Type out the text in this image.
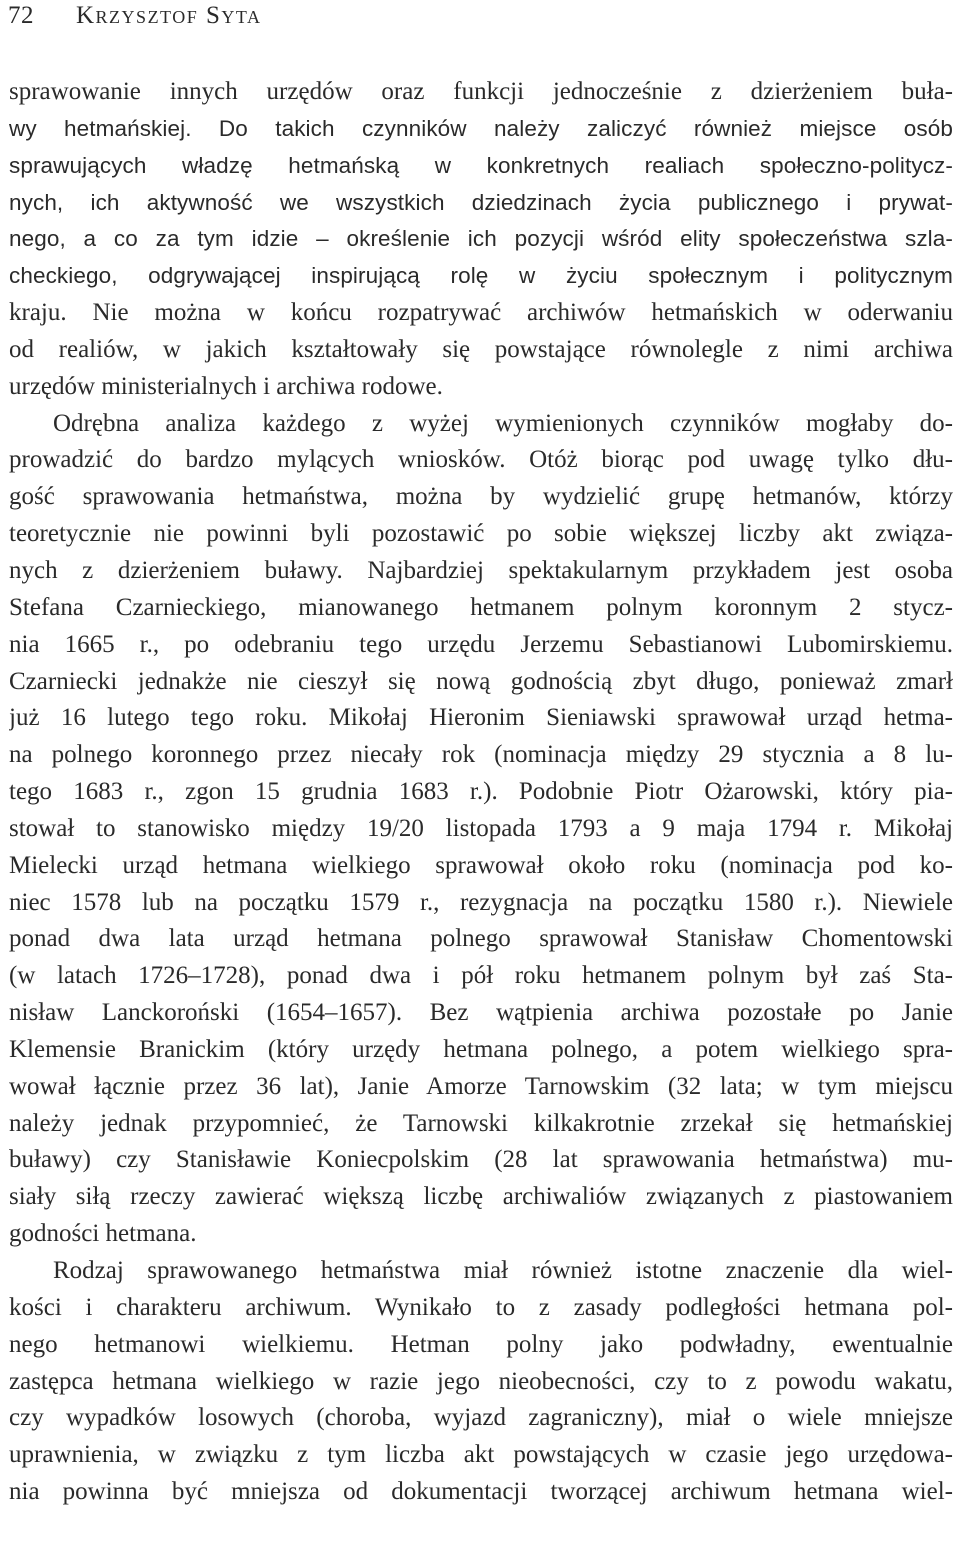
72 Krzysztof Syta
sprawowanie innych urzędów oraz funkcji jednocześnie z dzierżeniem buła-
wy hetmańskiej. Do takich czynników należy zaliczyć również miejsce osób
sprawujących władzę hetmańską w konkretnych realiach społeczno-politycz-
nych, ich aktywność we wszystkich dziedzinach życia publicznego i prywat-
nego, a co za tym idzie – określenie ich pozycji wśród elity społeczeństwa szla-
checkiego, odgrywającej inspirującą rolę w życiu społecznym i politycznym
kraju. Nie można w końcu rozpatrywać archiwów hetmańskich w oderwaniu
od realiów, w jakich kształtowały się powstające równolegle z nimi archiwa
urzędów ministerialnych i archiwa rodowe.
Odrębna analiza każdego z wyżej wymienionych czynników mogłaby do-
prowadzić do bardzo mylących wniosków. Otóż biorąc pod uwagę tylko dłu-
gość sprawowania hetmaństwa, można by wydzielić grupę hetmanów, którzy
teoretycznie nie powinni byli pozostawić po sobie większej liczby akt związa-
nych z dzierżeniem buławy. Najbardziej spektakularnym przykładem jest osoba
Stefana Czarnieckiego, mianowanego hetmanem polnym koronnym 2 stycz-
nia 1665 r., po odebraniu tego urzędu Jerzemu Sebastianowi Lubomirskiemu.
Czarniecki jednakże nie cieszył się nową godnością zbyt długo, ponieważ zmarł
już 16 lutego tego roku. Mikołaj Hieronim Sieniawski sprawował urząd hetma-
na polnego koronnego przez niecały rok (nominacja między 29 stycznia a 8 lu-
tego 1683 r., zgon 15 grudnia 1683 r.). Podobnie Piotr Ożarowski, który pia-
stował to stanowisko między 19/20 listopada 1793 a 9 maja 1794 r. Mikołaj
Mielecki urząd hetmana wielkiego sprawował około roku (nominacja pod ko-
niec 1578 lub na początku 1579 r., rezygnacja na początku 1580 r.). Niewiele
ponad dwa lata urząd hetmana polnego sprawował Stanisław Chomentowski
(w latach 1726–1728), ponad dwa i pół roku hetmanem polnym był zaś Sta-
nisław Lanckoroński (1654–1657). Bez wątpienia archiwa pozostałe po Janie
Klemensie Branickim (który urzędy hetmana polnego, a potem wielkiego spra-
wował łącznie przez 36 lat), Janie Amorze Tarnowskim (32 lata; w tym miejscu
należy jednak przypomnieć, że Tarnowski kilkakrotnie zrzekał się hetmańskiej
buławy) czy Stanisławie Koniecpolskim (28 lat sprawowania hetmaństwa) mu-
siały siłą rzeczy zawierać większą liczbę archiwaliów związanych z piastowaniem
godności hetmana.
Rodzaj sprawowanego hetmaństwa miał również istotne znaczenie dla wiel-
kości i charakteru archiwum. Wynikało to z zasady podległości hetmana pol-
nego hetmanowi wielkiemu. Hetman polny jako podwładny, ewentualnie
zastępca hetmana wielkiego w razie jego nieobecności, czy to z powodu wakatu,
czy wypadków losowych (choroba, wyjazd zagraniczny), miał o wiele mniejsze
uprawnienia, w związku z tym liczba akt powstających w czasie jego urzędowa-
nia powinna być mniejsza od dokumentacji tworzącej archiwum hetmana wiel-
